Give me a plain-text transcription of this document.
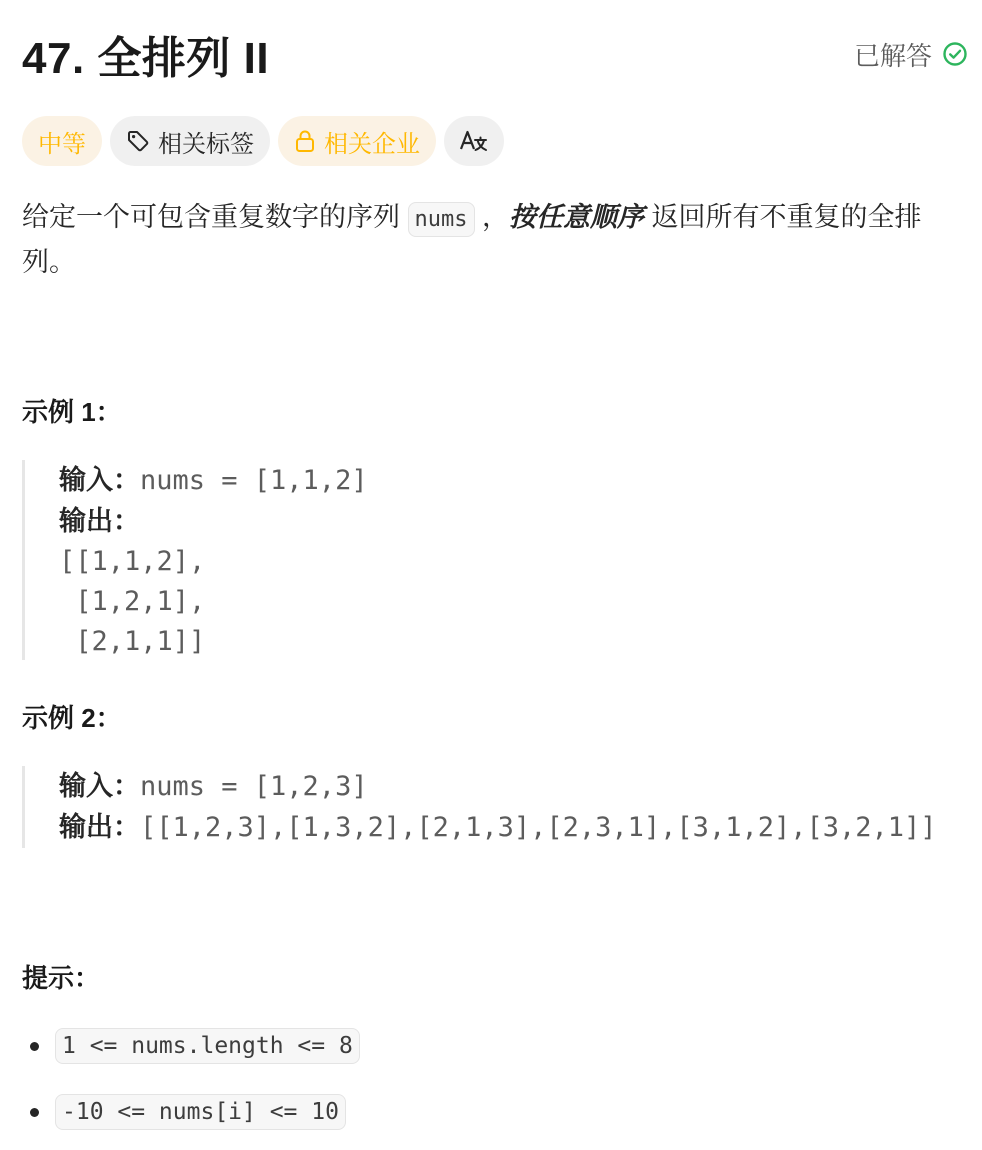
47. 全排列 II	已解答
中等	相关标签	相关企业
给定一个可包含重复数字的序列 nums ，按任意顺序 返回所有不重复的全排列。
示例 1：
输入：nums = [1,1,2]
输出：
[[1,1,2],
[1,2,1],
[2,1,1]]
示例 2：
输入：nums = [1,2,3]
输出：[[1,2,3],[1,3,2],[2,1,3],[2,3,1],[3,1,2],[3,2,1]]
提示：
1 <= nums.length <= 8
-10 <= nums[i] <= 10
